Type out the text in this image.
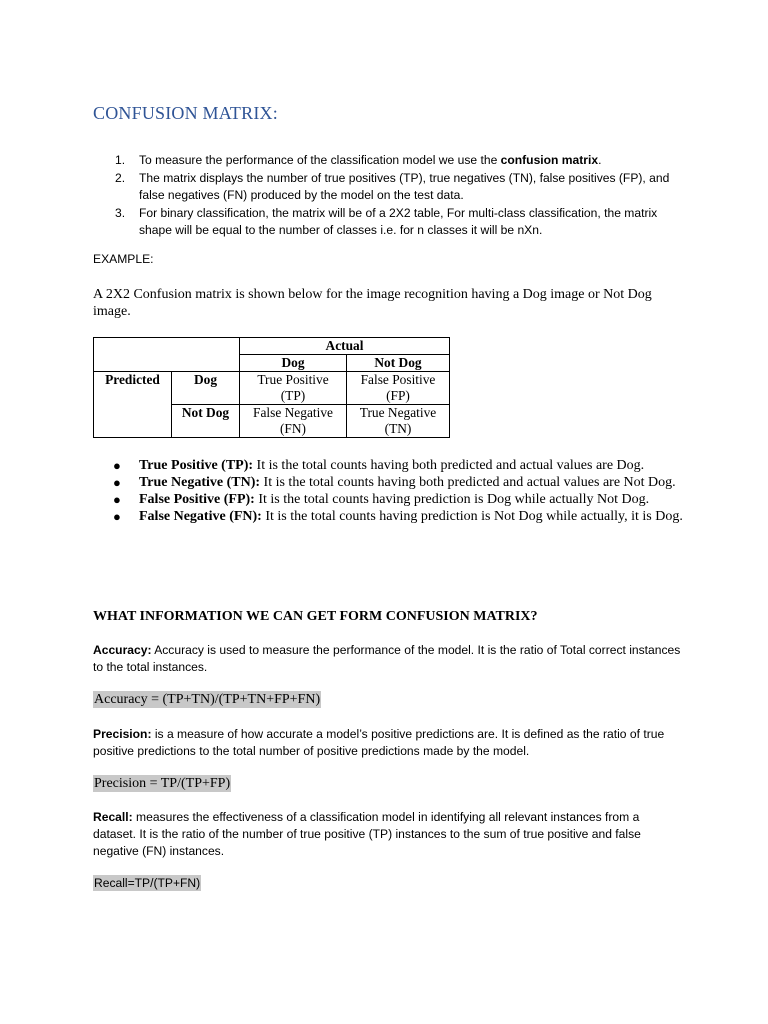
CONFUSION MATRIX:
1. To measure the performance of the classification model we use the confusion matrix.
2. The matrix displays the number of true positives (TP), true negatives (TN), false positives (FP), and false negatives (FN) produced by the model on the test data.
3. For binary classification, the matrix will be of a 2X2 table, For multi-class classification, the matrix shape will be equal to the number of classes i.e. for n classes it will be nXn.
EXAMPLE:
A 2X2 Confusion matrix is shown below for the image recognition having a Dog image or Not Dog image.
		Actual	
		Dog	Not Dog
Predicted	Dog	True Positive (TP)	False Positive (FP)
	Not Dog	False Negative (FN)	True Negative (TN)
● True Positive (TP): It is the total counts having both predicted and actual values are Dog.
● True Negative (TN): It is the total counts having both predicted and actual values are Not Dog.
● False Positive (FP): It is the total counts having prediction is Dog while actually Not Dog.
● False Negative (FN): It is the total counts having prediction is Not Dog while actually, it is Dog.
WHAT INFORMATION WE CAN GET FORM CONFUSION MATRIX?
Accuracy: Accuracy is used to measure the performance of the model. It is the ratio of Total correct instances to the total instances.
Accuracy = (TP+TN)/(TP+TN+FP+FN)
Precision: is a measure of how accurate a model’s positive predictions are. It is defined as the ratio of true positive predictions to the total number of positive predictions made by the model.
Precision = TP/(TP+FP)
Recall: measures the effectiveness of a classification model in identifying all relevant instances from a dataset. It is the ratio of the number of true positive (TP) instances to the sum of true positive and false negative (FN) instances.
Recall=TP/(TP+FN)
